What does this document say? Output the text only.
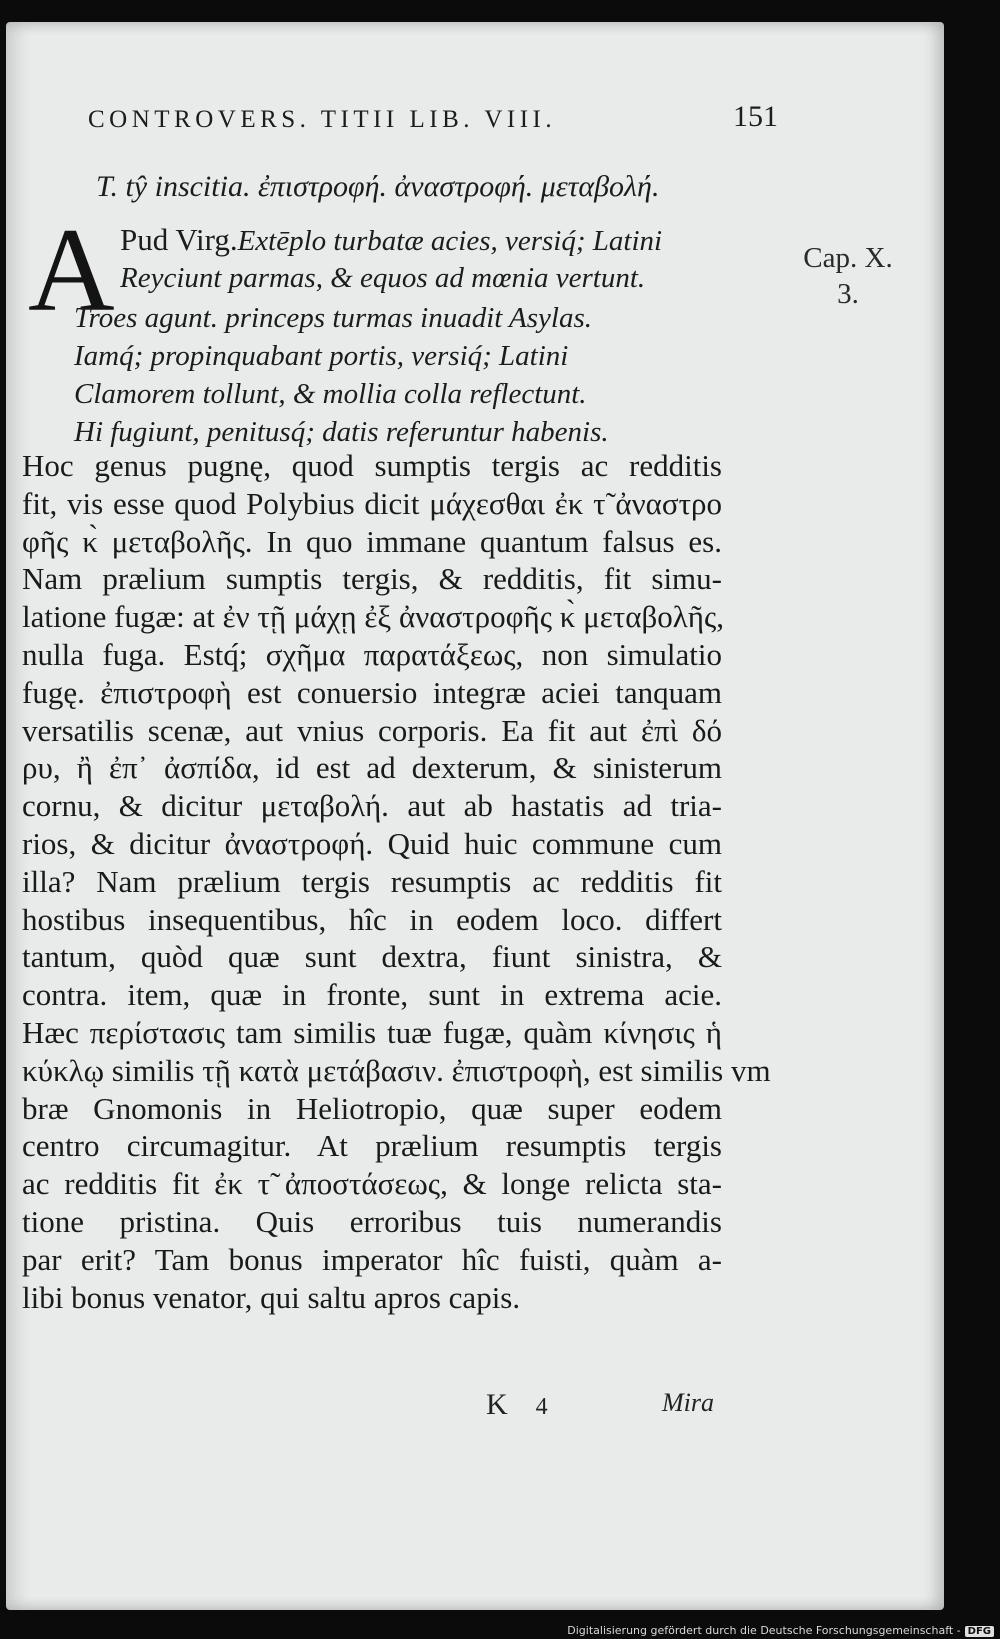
CONTROVERS. TITII LIB. VIII.	151
T. tŷ inscitia. ἐπιστροφή. ἀναστροφή. μεταβολή.
A	Cap. X.
3.
Pud Virg.Extēplo turbatæ acies, versiq́; Latini
Reyciunt parmas, & equos ad mœnia vertunt.
Troes agunt. princeps turmas inuadit Asylas.
Iamq́; propinquabant portis, versiq́; Latini
Clamorem tollunt, & mollia colla reflectunt.
Hi fugiunt, penitusq́; datis referuntur habenis.
Hoc genus pugnę, quod sumptis tergis ac redditis
fit, vis esse quod Polybius dicit μάχεσθαι ἐκ τ̃ ἀναστρο
φῆς κ̀ μεταβολῆς. In quo immane quantum falsus es.
Nam prælium sumptis tergis, & redditis, fit simu-
latione fugæ: at ἐν τῇ μάχῃ ἐξ ἀναστροφῆς κ̀ μεταβολῆς,
nulla fuga. Estq́; σχῆμα παρατάξεως, non simulatio
fugę. ἐπιστροφὴ est conuersio integræ aciei tanquam
versatilis scenæ, aut vnius corporis. Ea fit aut ἐπὶ δό
ρυ, ἢ ἐπ᾽ ἀσπίδα, id est ad dexterum, & sinisterum
cornu, & dicitur μεταβολή. aut ab hastatis ad tria-
rios, & dicitur ἀναστροφή. Quid huic commune cum
illa? Nam prælium tergis resumptis ac redditis fit
hostibus insequentibus, hîc in eodem loco. differt
tantum, quòd quæ sunt dextra, fiunt sinistra, &
contra. item, quæ in fronte, sunt in extrema acie.
Hæc περίστασις tam similis tuæ fugæ, quàm κίνησις ἡ
κύκλῳ similis τῇ κατὰ μετάβασιν. ἐπιστροφὴ, est similis vm
bræ Gnomonis in Heliotropio, quæ super eodem
centro circumagitur. At prælium resumptis tergis
ac redditis fit ἐκ τ̃ ἀποστάσεως, & longe relicta sta-
tione pristina. Quis erroribus tuis numerandis
par erit? Tam bonus imperator hîc fuisti, quàm a-
libi bonus venator, qui saltu apros capis.
K 4	Mira
Digitalisierung gefördert durch die Deutsche Forschungsgemeinschaft - DFG
